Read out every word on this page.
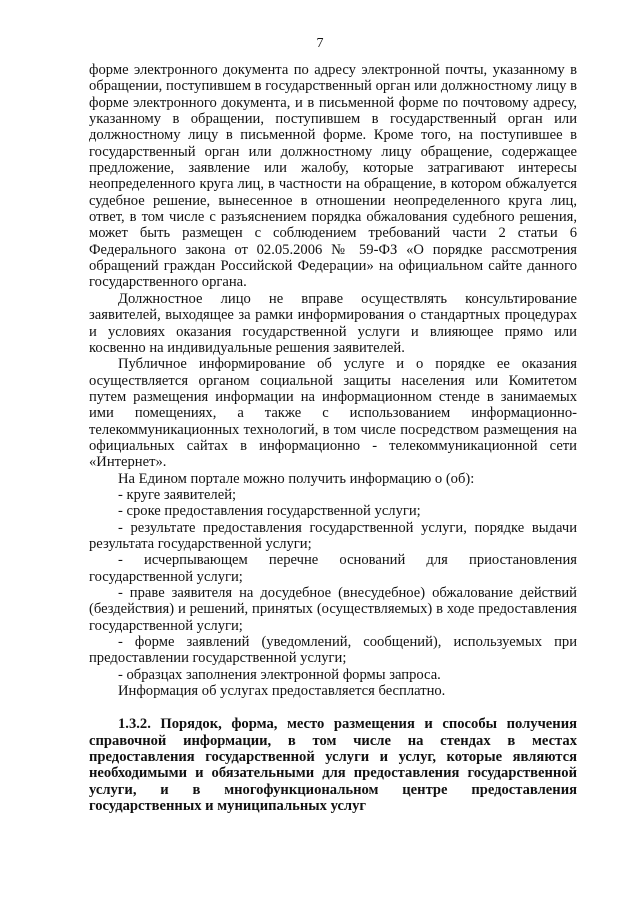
7

форме электронного документа по адресу электронной почты, указанному в обращении, поступившем в государственный орган или должностному лицу в форме электронного документа, и в письменной форме по почтовому адресу, указанному в обращении, поступившем в государственный орган или должностному лицу в письменной форме. Кроме того, на поступившее в государственный орган или должностному лицу обращение, содержащее предложение, заявление или жалобу, которые затрагивают интересы неопределенного круга лиц, в частности на обращение, в котором обжалуется судебное решение, вынесенное в отношении неопределенного круга лиц, ответ, в том числе с разъяснением порядка обжалования судебного решения, может быть размещен с соблюдением требований части 2 статьи 6 Федерального закона от 02.05.2006 № 59-ФЗ «О порядке рассмотрения обращений граждан Российской Федерации» на официальном сайте данного государственного органа.

Должностное лицо не вправе осуществлять консультирование заявителей, выходящее за рамки информирования о стандартных процедурах и условиях оказания государственной услуги и влияющее прямо или косвенно на индивидуальные решения заявителей.

Публичное информирование об услуге и о порядке ее оказания осуществляется органом социальной защиты населения или Комитетом путем размещения информации на информационном стенде в занимаемых ими помещениях, а также с использованием информационно-телекоммуникационных технологий, в том числе посредством размещения на официальных сайтах в информационно - телекоммуникационной сети «Интернет».

На Едином портале можно получить информацию о (об):

- круге заявителей;

- сроке предоставления государственной услуги;

- результате предоставления государственной услуги, порядке выдачи результата государственной услуги;

- исчерпывающем перечне оснований для приостановления государственной услуги;

- праве заявителя на досудебное (внесудебное) обжалование действий (бездействия) и решений, принятых (осуществляемых) в ходе предоставления государственной услуги;

- форме заявлений (уведомлений, сообщений), используемых при предоставлении государственной услуги;

- образцах заполнения электронной формы запроса.

Информация об услугах предоставляется бесплатно.

1.3.2. Порядок, форма, место размещения и способы получения справочной информации, в том числе на стендах в местах предоставления государственной услуги и услуг, которые являются необходимыми и обязательными для предоставления государственной услуги, и в многофункциональном центре предоставления государственных и муниципальных услуг
